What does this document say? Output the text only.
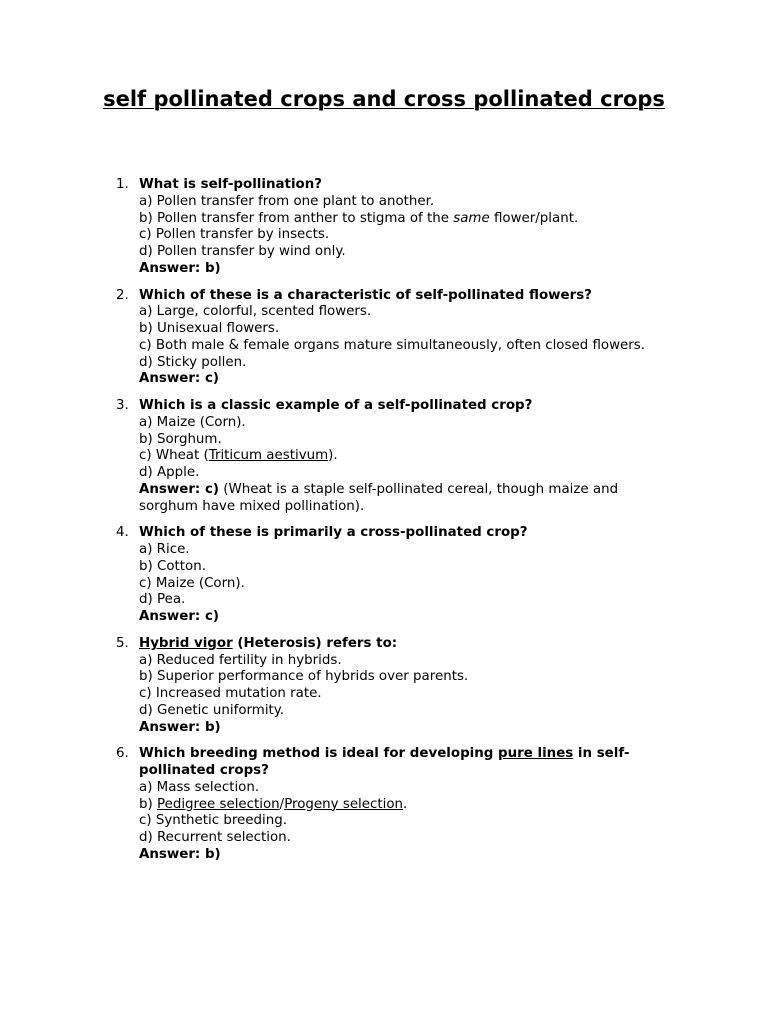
self pollinated crops and cross pollinated crops
1. What is self-pollination?
a) Pollen transfer from one plant to another.
b) Pollen transfer from anther to stigma of the same flower/plant.
c) Pollen transfer by insects.
d) Pollen transfer by wind only.
Answer: b)
2. Which of these is a characteristic of self-pollinated flowers?
a) Large, colorful, scented flowers.
b) Unisexual flowers.
c) Both male & female organs mature simultaneously, often closed flowers.
d) Sticky pollen.
Answer: c)
3. Which is a classic example of a self-pollinated crop?
a) Maize (Corn).
b) Sorghum.
c) Wheat (Triticum aestivum).
d) Apple.
Answer: c) (Wheat is a staple self-pollinated cereal, though maize and sorghum have mixed pollination).
4. Which of these is primarily a cross-pollinated crop?
a) Rice.
b) Cotton.
c) Maize (Corn).
d) Pea.
Answer: c)
5. Hybrid vigor (Heterosis) refers to:
a) Reduced fertility in hybrids.
b) Superior performance of hybrids over parents.
c) Increased mutation rate.
d) Genetic uniformity.
Answer: b)
6. Which breeding method is ideal for developing pure lines in self-pollinated crops?
a) Mass selection.
b) Pedigree selection/Progeny selection.
c) Synthetic breeding.
d) Recurrent selection.
Answer: b)
